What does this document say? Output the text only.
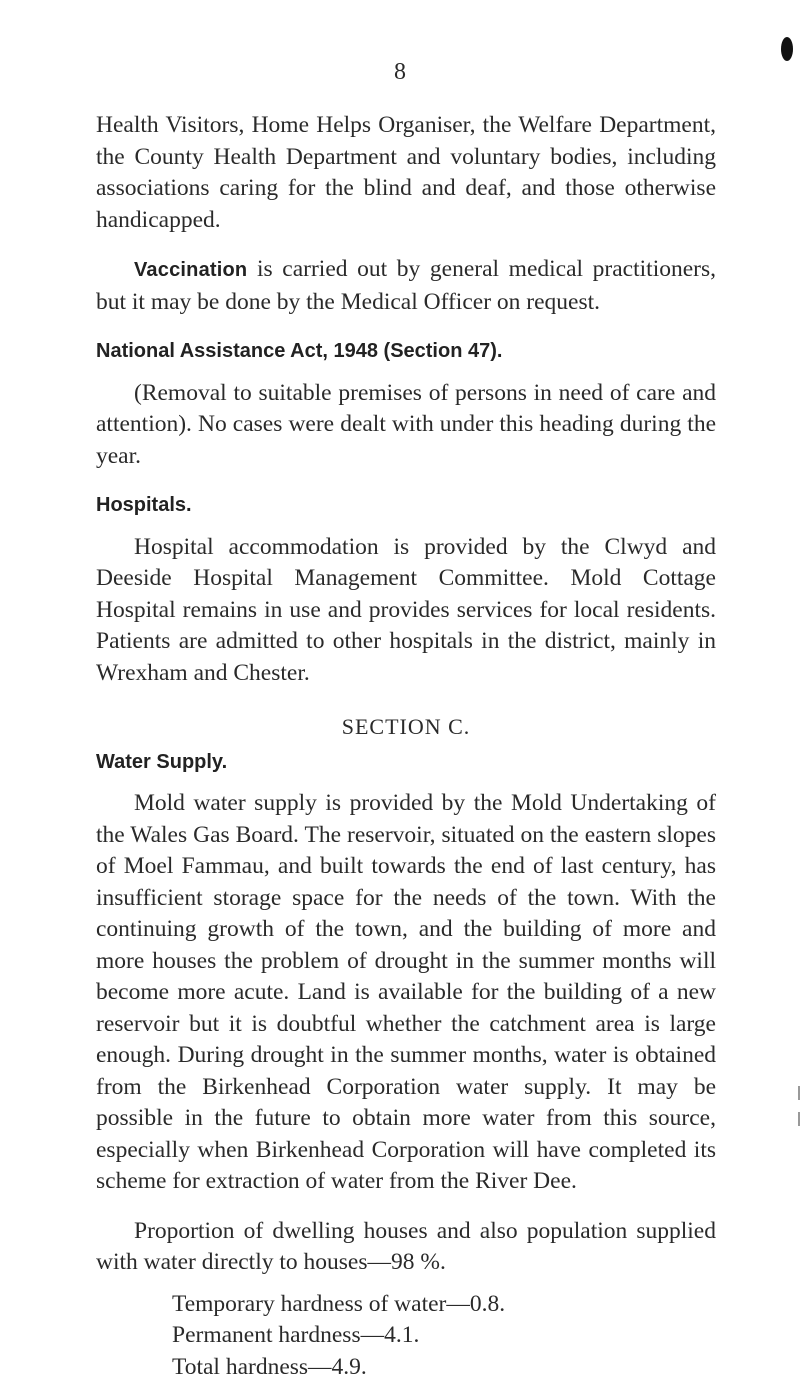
8

Health Visitors, Home Helps Organiser, the Welfare Department, the County Health Department and voluntary bodies, including associations caring for the blind and deaf, and those otherwise handicapped.

Vaccination is carried out by general medical practitioners, but it may be done by the Medical Officer on request.

National Assistance Act, 1948 (Section 47).

(Removal to suitable premises of persons in need of care and attention). No cases were dealt with under this heading during the year.

Hospitals.

Hospital accommodation is provided by the Clwyd and Deeside Hospital Management Committee. Mold Cottage Hospital remains in use and provides services for local residents. Patients are admitted to other hospitals in the district, mainly in Wrexham and Chester.

SECTION C.

Water Supply.

Mold water supply is provided by the Mold Undertaking of the Wales Gas Board. The reservoir, situated on the eastern slopes of Moel Fammau, and built towards the end of last century, has insufficient storage space for the needs of the town. With the continuing growth of the town, and the building of more and more houses the problem of drought in the summer months will become more acute. Land is available for the building of a new reservoir but it is doubtful whether the catchment area is large enough. During drought in the summer months, water is obtained from the Birkenhead Corporation water supply. It may be possible in the future to obtain more water from this source, especially when Birkenhead Corporation will have completed its scheme for extraction of water from the River Dee.

Proportion of dwelling houses and also population supplied with water directly to houses—98 %.

Temporary hardness of water—0.8.

Permanent hardness—4.1.

Total hardness—4.9.
